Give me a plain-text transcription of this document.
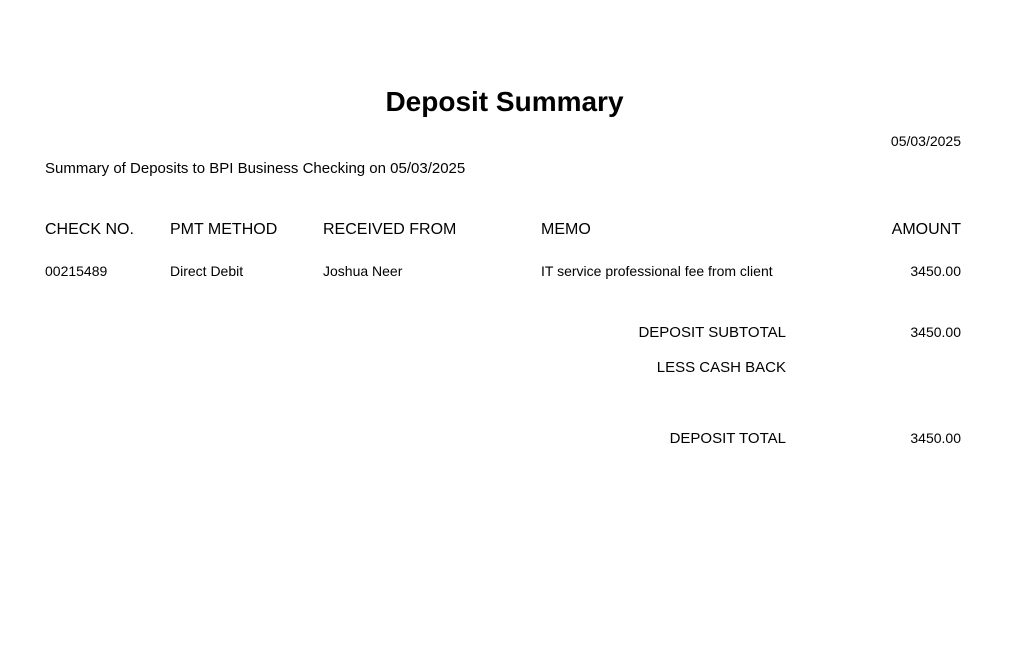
Deposit Summary
05/03/2025
Summary of Deposits to BPI Business Checking on 05/03/2025
CHECK NO.	PMT METHOD	RECEIVED FROM	MEMO	AMOUNT
00215489	Direct Debit	Joshua Neer	IT service professional fee from client	3450.00
DEPOSIT SUBTOTAL	3450.00
LESS CASH BACK
DEPOSIT TOTAL	3450.00
